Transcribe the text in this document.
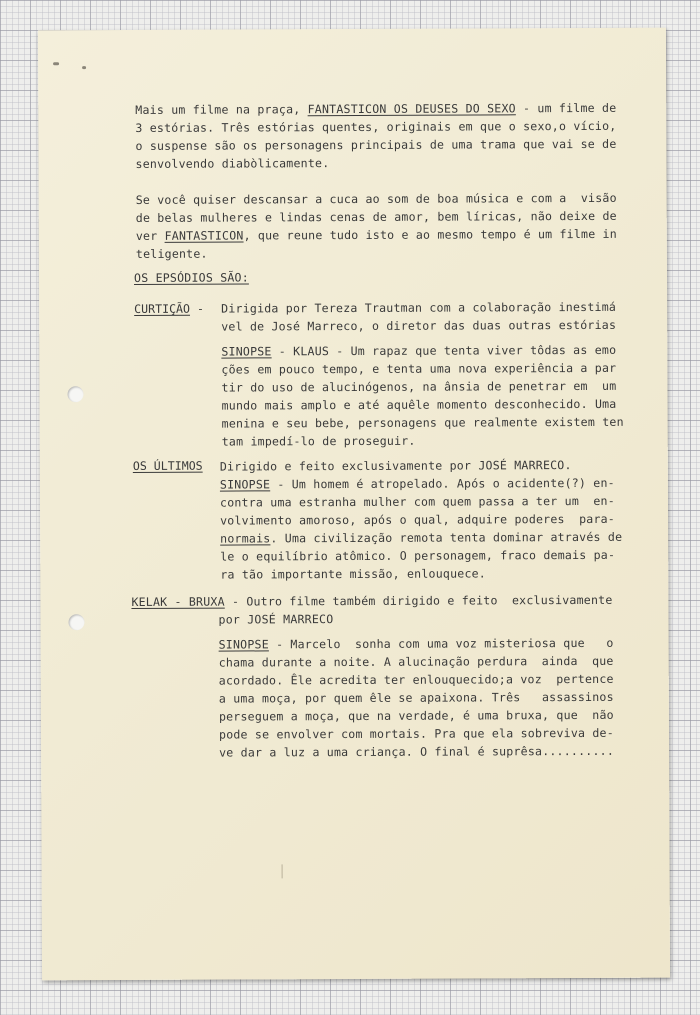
Mais um filme na praça, FANTASTICON OS DEUSES DO SEXO - um filme de
3 estórias. Três estórias quentes, originais em que o sexo,o vício,
o suspense são os personagens principais de uma trama que vai se de
senvolvendo diabòlicamente.
Se você quiser descansar a cuca ao som de boa música e com a  visão
de belas mulheres e lindas cenas de amor, bem líricas, não deixe de
ver FANTASTICON, que reune tudo isto e ao mesmo tempo é um filme in
teligente.
OS EPSÓDIOS SÃO:
CURTIÇÃO - Dirigida por Tereza Trautman com a colaboração inestimá
vel de José Marreco, o diretor das duas outras estórias
SINOPSE - KLAUS - Um rapaz que tenta viver tôdas as emo
ções em pouco tempo, e tenta uma nova experiência a par
tir do uso de alucinógenos, na ânsia de penetrar em  um
mundo mais amplo e até aquêle momento desconhecido. Uma
menina e seu bebe, personagens que realmente existem ten
tam impedí-lo de proseguir.
OS ÚLTIMOS Dirigido e feito exclusivamente por JOSÉ MARRECO.
SINOPSE - Um homem é atropelado. Após o acidente(?) en-
contra uma estranha mulher com quem passa a ter um  en-
volvimento amoroso, após o qual, adquire poderes  para-
normais. Uma civilização remota tenta dominar através de
le o equilíbrio atômico. O personagem, fraco demais pa-
ra tão importante missão, enlouquece.
KELAK - BRUXA - Outro filme também dirigido e feito  exclusivamente
por JOSÉ MARRECO
SINOPSE - Marcelo  sonha com uma voz misteriosa que   o
chama durante a noite. A alucinação perdura  ainda  que
acordado. Êle acredita ter enlouquecido;a voz  pertence
a uma moça, por quem êle se apaixona. Três   assassinos
perseguem a moça, que na verdade, é uma bruxa, que  não
pode se envolver com mortais. Pra que ela sobreviva de-
ve dar a luz a uma criança. O final é suprêsa..........
